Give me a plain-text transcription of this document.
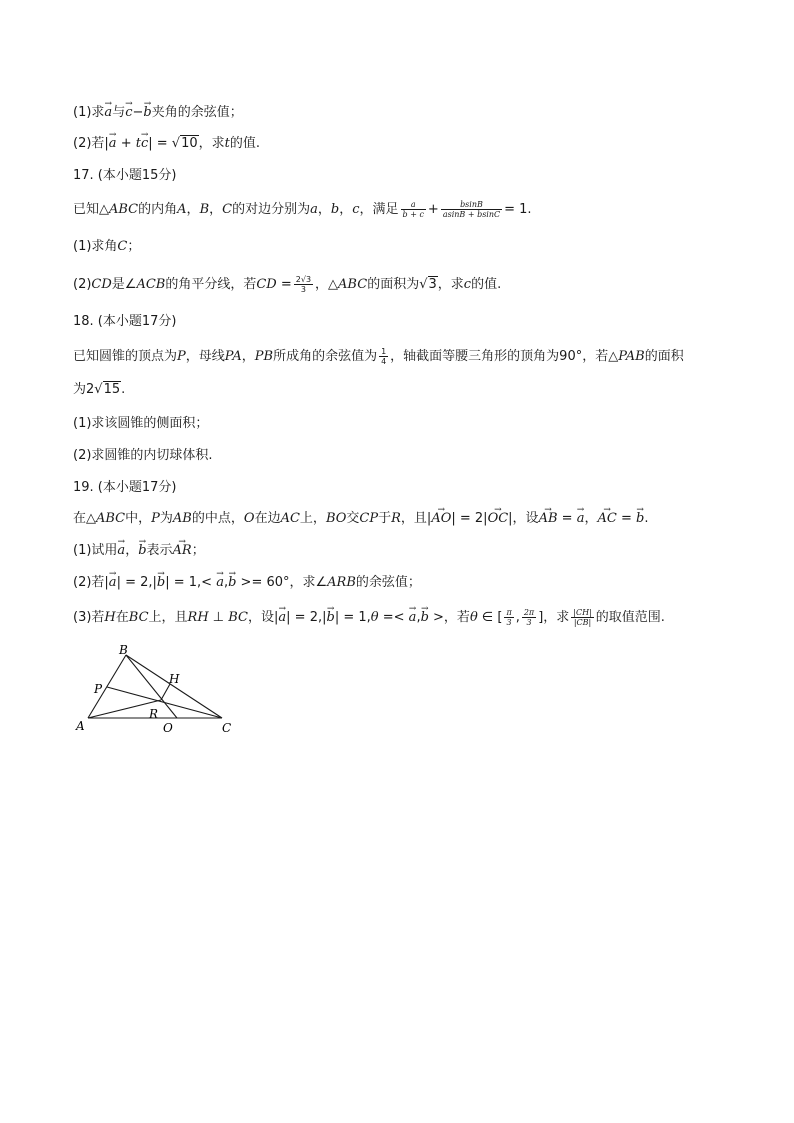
(1)求→ a与→ c−→ b夹角的余弦值；
(2)若|→ a + t→ c| = √10，求t的值.
17. (本小题15分)
已知△ABC的内角A，B，C的对边分别为a，b，c，满足 $\frac{a}{b + c} + \frac{bsinB}{asinB + bsinC} = 1$.
(1)求角C；
(2)CD是∠ACB的角平分线，若CD = $\frac{2√3}{3}$ ，△ABC的面积为√3，求c的值.
18. (本小题17分)
已知圆锥的顶点为P，母线PA，PB所成角的余弦值为 $\frac{1}{4}$ ，轴截面等腰三角形的顶角为90°，若△PAB的面积
为2√15.
(1)求该圆锥的侧面积；
(2)求圆锥的内切球体积.
19. (本小题17分)
在△ABC中，P为AB的中点，O在边AC上，BO交CP于R，且|→ AO| = 2|→ OC|，设→ AB = → a，→ AC = → b.
(1)试用→ a，→ b表示→ AR；
(2)若|→ a| = 2,|→ b| = 1,< → a,→ b >= 60°，求∠ARB的余弦值；
(3)若H在BC上，且RH ⊥ BC，设|→ a| = 2,|→ b| = 1,θ =< → a,→ b >，若θ ∈ [ $\frac{\pi}{3}$ , $\frac{2\pi}{3}$ ]，求 $\frac{|CH|}{|CB|}$ 的取值范围.
B
P
H
R
A	O	C
